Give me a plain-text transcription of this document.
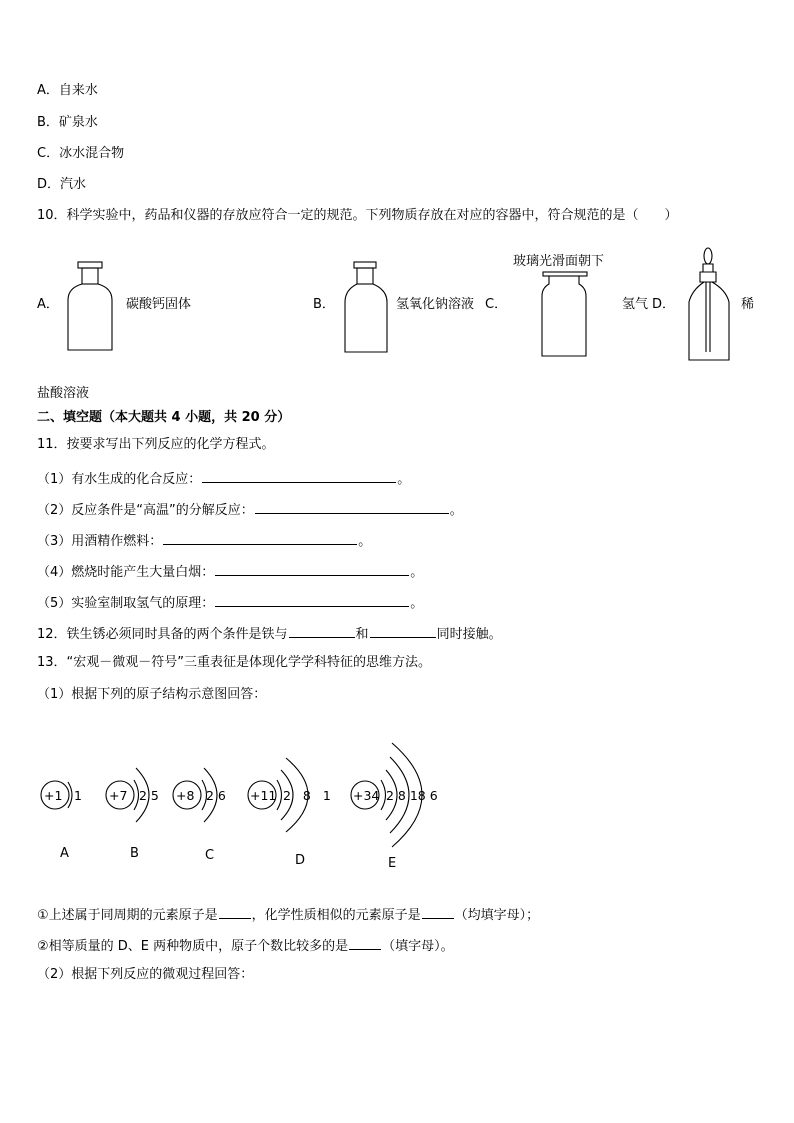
A．自来水
B．矿泉水
C．冰水混合物
D．汽水
10．科学实验中，药品和仪器的存放应符合一定的规范。下列物质存放在对应的容器中，符合规范的是（　　）
A．	碳酸钙固体	B．	氢氧化钠溶液 C．
玻璃光滑面朝下
氢气 D．	稀
盐酸溶液
二、填空题（本大题共 4 小题，共 20 分）
11．按要求写出下列反应的化学方程式。
（1）有水生成的化合反应：	。
（2）反应条件是“高温”的分解反应：	。
（3）用酒精作燃料：	。
（4）燃烧时能产生大量白烟：	。
（5）实验室制取氢气的原理：	。
12．铁生锈必须同时具备的两个条件是铁与	和	同时接触。
13．“宏观－微观－符号”三重表征是体现化学学科特征的思维方法。
（1）根据下列的原子结构示意图回答：
+1 1
A
+7 2 5
B
+8 2 6
C
+11 2 8 1
D
+34 2 8 18 6
E
①上述属于同周期的元素原子是	，化学性质相似的元素原子是	（均填字母）；
②相等质量的 D、E 两种物质中，原子个数比较多的是	（填字母）。
（2）根据下列反应的微观过程回答：
